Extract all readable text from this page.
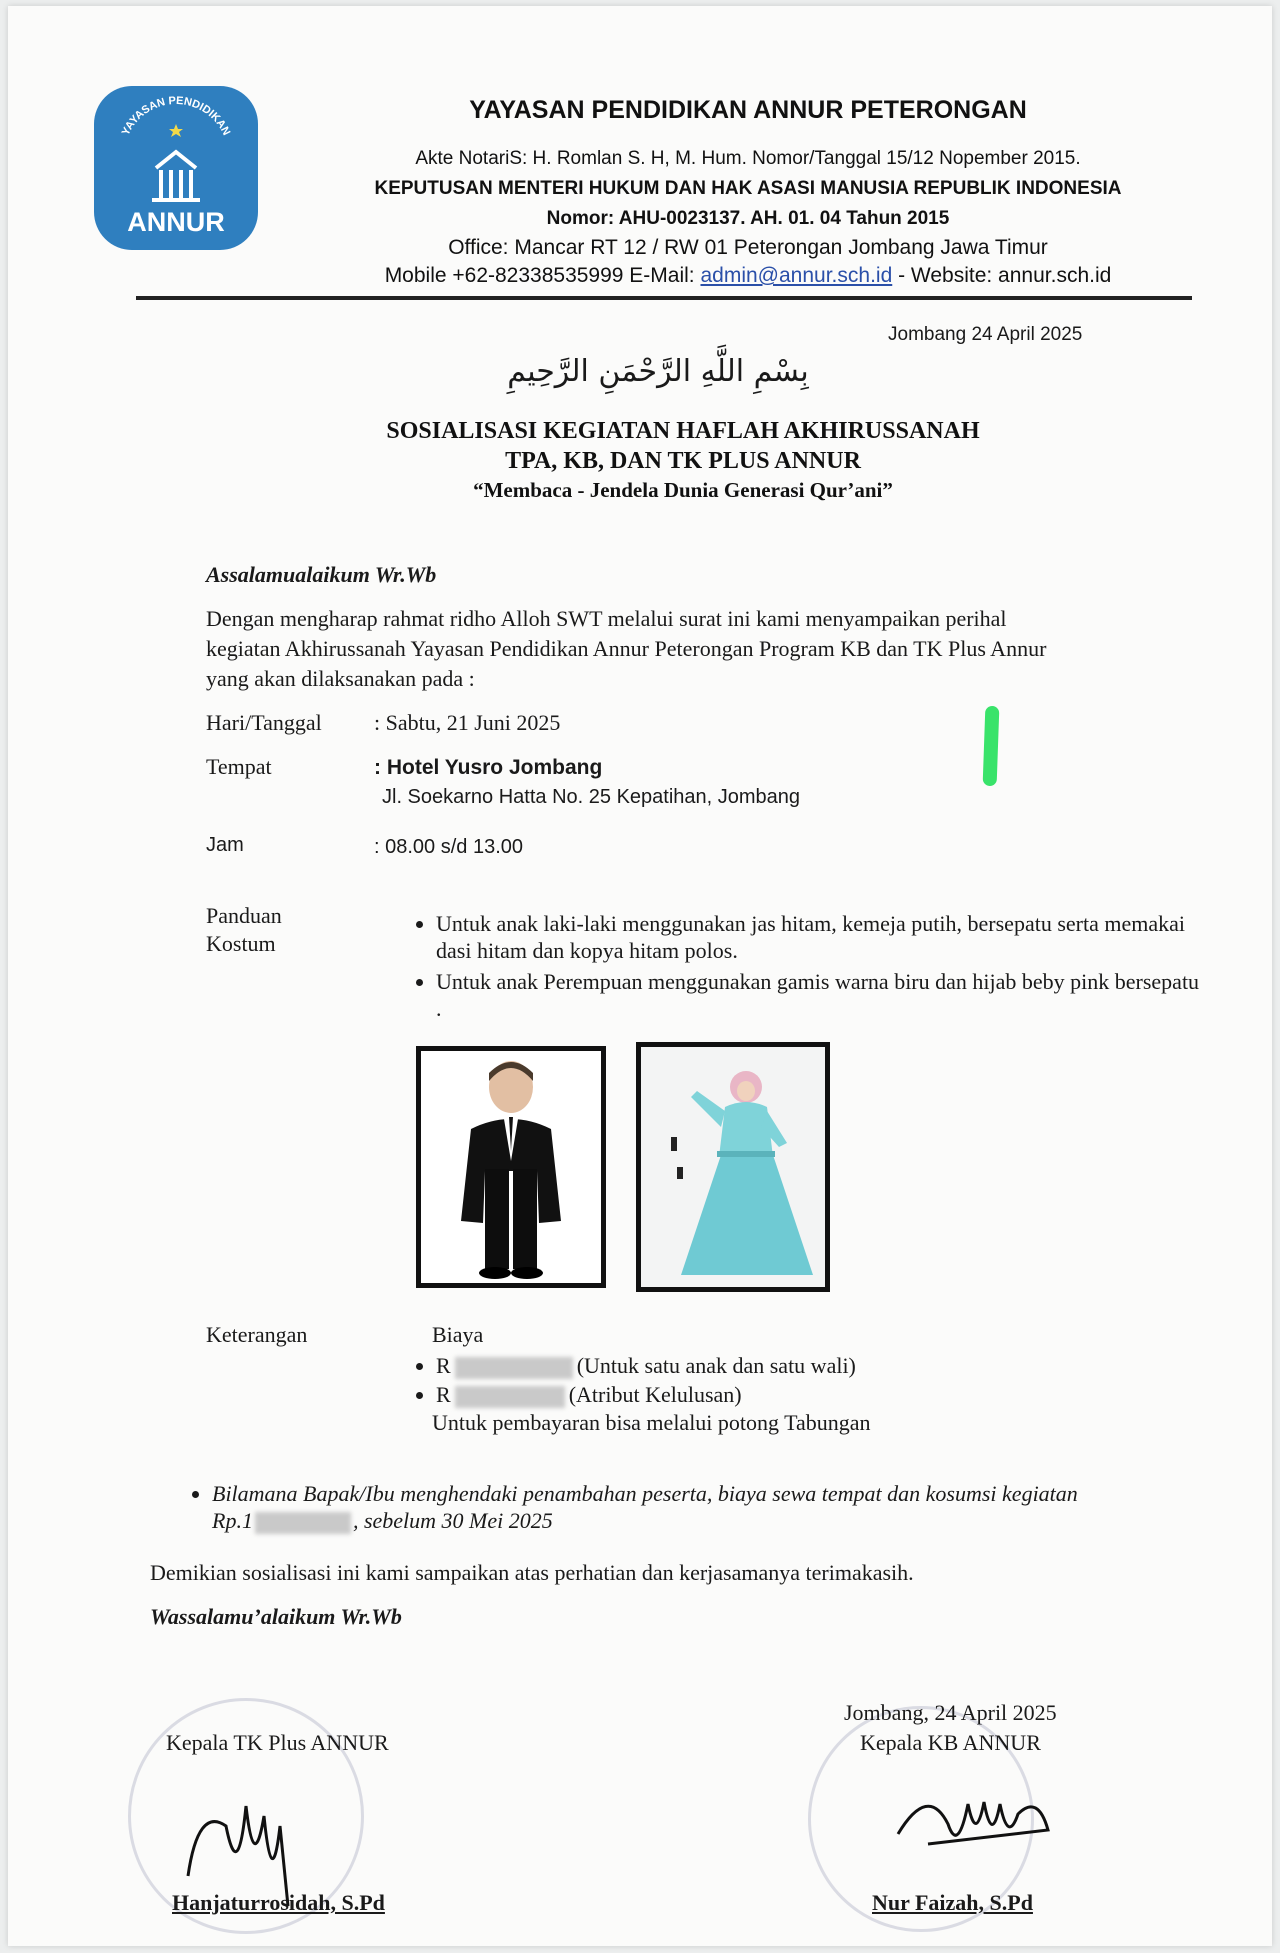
YAYASAN PENDIDIKAN
ANNUR
YAYASAN PENDIDIKAN ANNUR PETERONGAN
Akte NotariS: H. Romlan S. H, M. Hum. Nomor/Tanggal 15/12 Nopember 2015.
KEPUTUSAN MENTERI HUKUM DAN HAK ASASI MANUSIA REPUBLIK INDONESIA
Nomor: AHU-0023137. AH. 01. 04 Tahun 2015
Office: Mancar RT 12 / RW 01 Peterongan Jombang Jawa Timur
Mobile +62-82338535999 E-Mail: admin@annur.sch.id - Website: annur.sch.id
Jombang 24 April 2025
بِسْمِ اللَّهِ الرَّحْمَنِ الرَّحِيمِ
SOSIALISASI KEGIATAN HAFLAH AKHIRUSSANAH
TPA, KB, DAN TK PLUS ANNUR
“Membaca - Jendela Dunia Generasi Qur’ani”
Assalamualaikum Wr.Wb
Dengan mengharap rahmat ridho Alloh SWT melalui surat ini kami menyampaikan perihal
kegiatan Akhirussanah Yayasan Pendidikan Annur Peterongan Program KB dan TK Plus Annur
yang akan dilaksanakan pada :
Hari/Tanggal : Sabtu, 21 Juni 2025
Tempat	: Hotel Yusro Jombang
Jl. Soekarno Hatta No. 25 Kepatihan, Jombang
Jam	: 08.00 s/d 13.00
Panduan
Kostum
• Untuk anak laki-laki menggunakan jas hitam, kemeja putih, bersepatu serta memakai dasi hitam dan kopya hitam polos.
• Untuk anak Perempuan menggunakan gamis warna biru dan hijab beby pink bersepatu .
Keterangan	Biaya
• R	(Untuk satu anak dan satu wali)
• R	(Atribut Kelulusan)
Untuk pembayaran bisa melalui potong Tabungan
• Bilamana Bapak/Ibu menghendaki penambahan peserta, biaya sewa tempat dan kosumsi kegiatan
Rp.1	, sebelum 30 Mei 2025
Demikian sosialisasi ini kami sampaikan atas perhatian dan kerjasamanya terimakasih.
Wassalamu’alaikum Wr.Wb
Kepala TK Plus ANNUR
Hanjaturrosidah, S.Pd
Jombang, 24 April 2025
Kepala KB ANNUR
Nur Faizah, S.Pd
